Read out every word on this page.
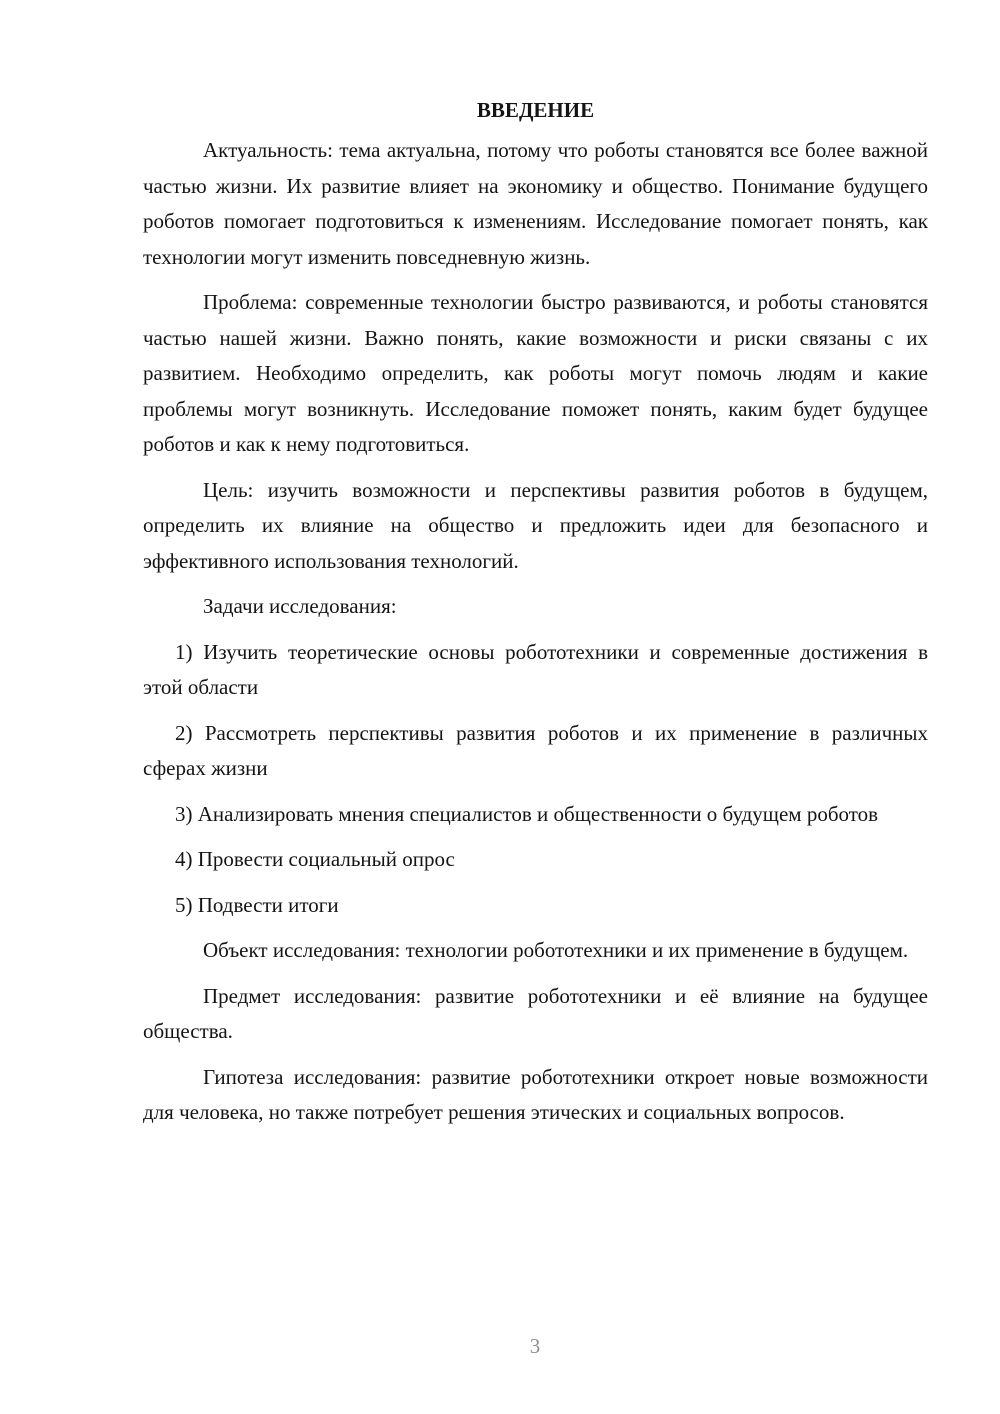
ВВЕДЕНИЕ

Актуальность: тема актуальна, потому что роботы становятся все более важной частью жизни. Их развитие влияет на экономику и общество. Понимание будущего роботов помогает подготовиться к изменениям. Исследование помогает понять, как технологии могут изменить повседневную жизнь.

Проблема: современные технологии быстро развиваются, и роботы становятся частью нашей жизни. Важно понять, какие возможности и риски связаны с их развитием. Необходимо определить, как роботы могут помочь людям и какие проблемы могут возникнуть. Исследование поможет понять, каким будет будущее роботов и как к нему подготовиться.

Цель: изучить возможности и перспективы развития роботов в будущем, определить их влияние на общество и предложить идеи для безопасного и эффективного использования технологий.

Задачи исследования:

1) Изучить теоретические основы робототехники и современные достижения в этой области

2) Рассмотреть перспективы развития роботов и их применение в различных сферах жизни

3) Анализировать мнения специалистов и общественности о будущем роботов

4) Провести социальный опрос

5) Подвести итоги

Объект исследования: технологии робототехники и их применение в будущем.

Предмет исследования: развитие робототехники и её влияние на будущее общества.

Гипотеза исследования: развитие робототехники откроет новые возможности для человека, но также потребует решения этических и социальных вопросов.

3
